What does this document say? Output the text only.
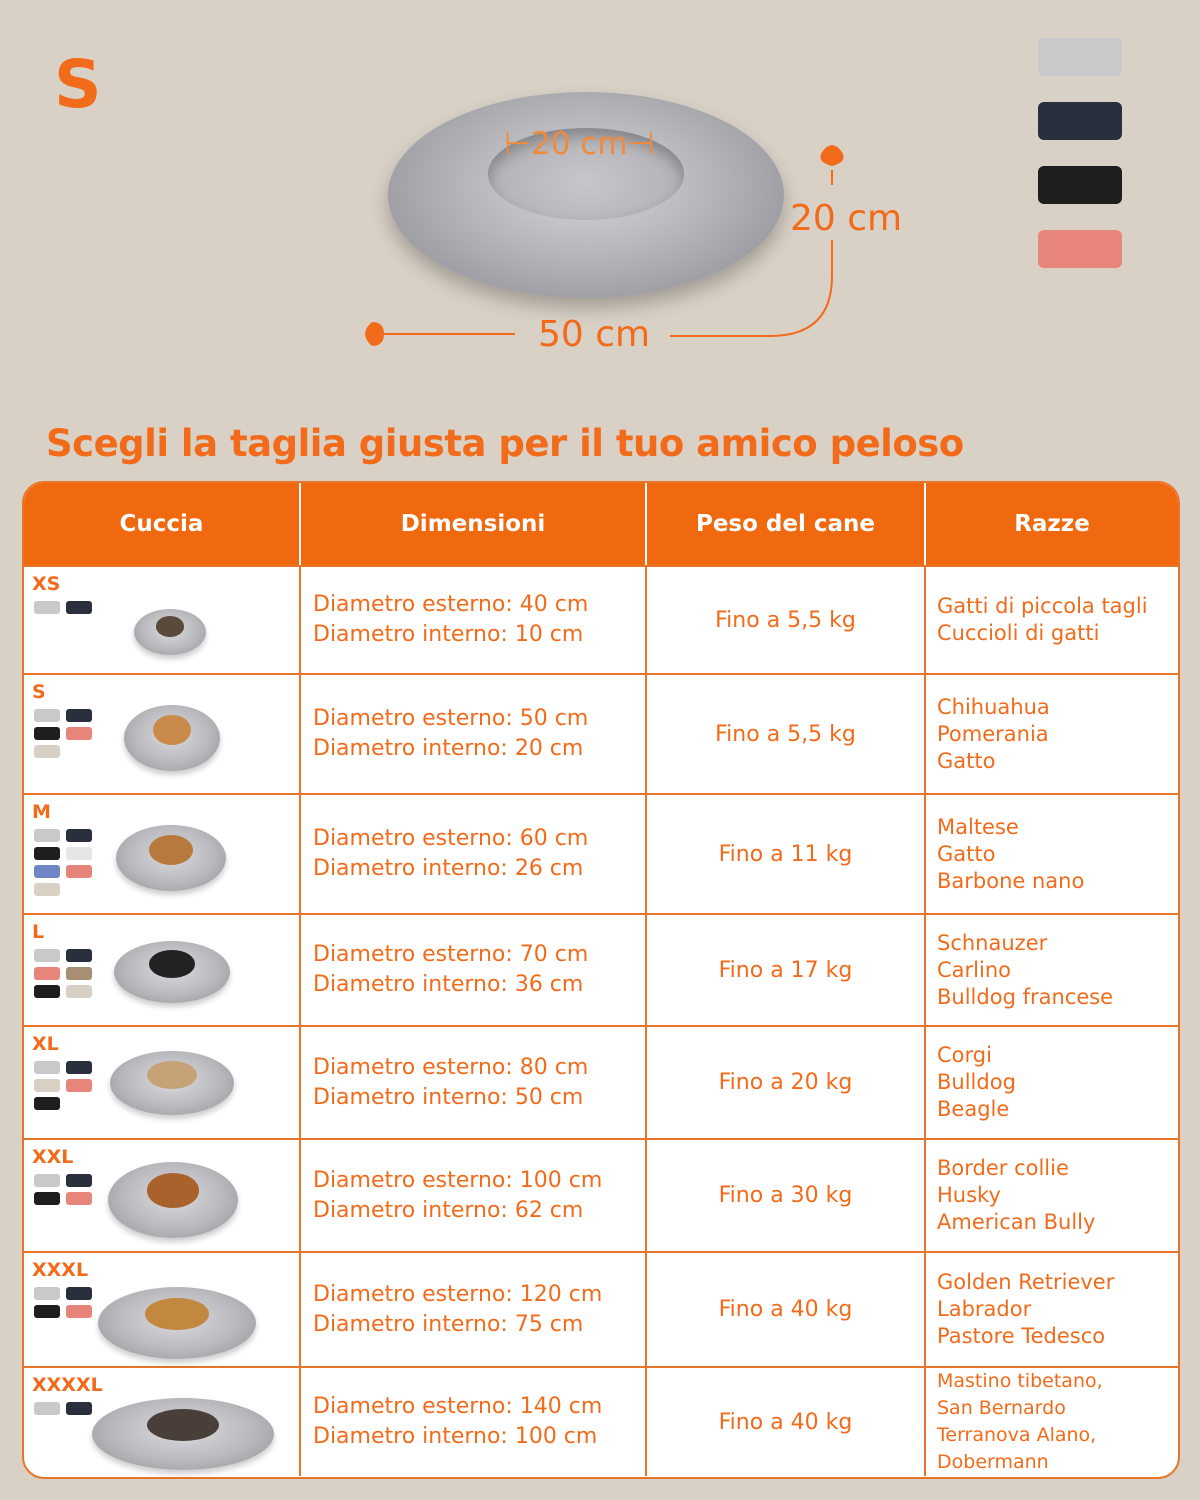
S
⊢20 cm⊣
20 cm
50 cm
Scegli la taglia giusta per il tuo amico peloso
Cuccia	Dimensioni	Peso del cane	Razze
XS
Diametro esterno: 40 cm
Diametro interno: 10 cm
Fino a 5,5 kg
Gatti di piccola tagli
Cuccioli di gatti
S
Diametro esterno: 50 cm
Diametro interno: 20 cm
Fino a 5,5 kg
Chihuahua
Pomerania
Gatto
M
Diametro esterno: 60 cm
Diametro interno: 26 cm
Fino a 11 kg
Maltese
Gatto
Barbone nano
L
Diametro esterno: 70 cm
Diametro interno: 36 cm
Fino a 17 kg
Schnauzer
Carlino
Bulldog francese
XL
Diametro esterno: 80 cm
Diametro interno: 50 cm
Fino a 20 kg
Corgi
Bulldog
Beagle
XXL
Diametro esterno: 100 cm
Diametro interno: 62 cm
Fino a 30 kg
Border collie
Husky
American Bully
XXXL
Diametro esterno: 120 cm
Diametro interno: 75 cm
Fino a 40 kg
Golden Retriever
Labrador
Pastore Tedesco
XXXXL
Diametro esterno: 140 cm
Diametro interno: 100 cm
Fino a 40 kg
Mastino tibetano,
San Bernardo
Terranova Alano,
Dobermann
